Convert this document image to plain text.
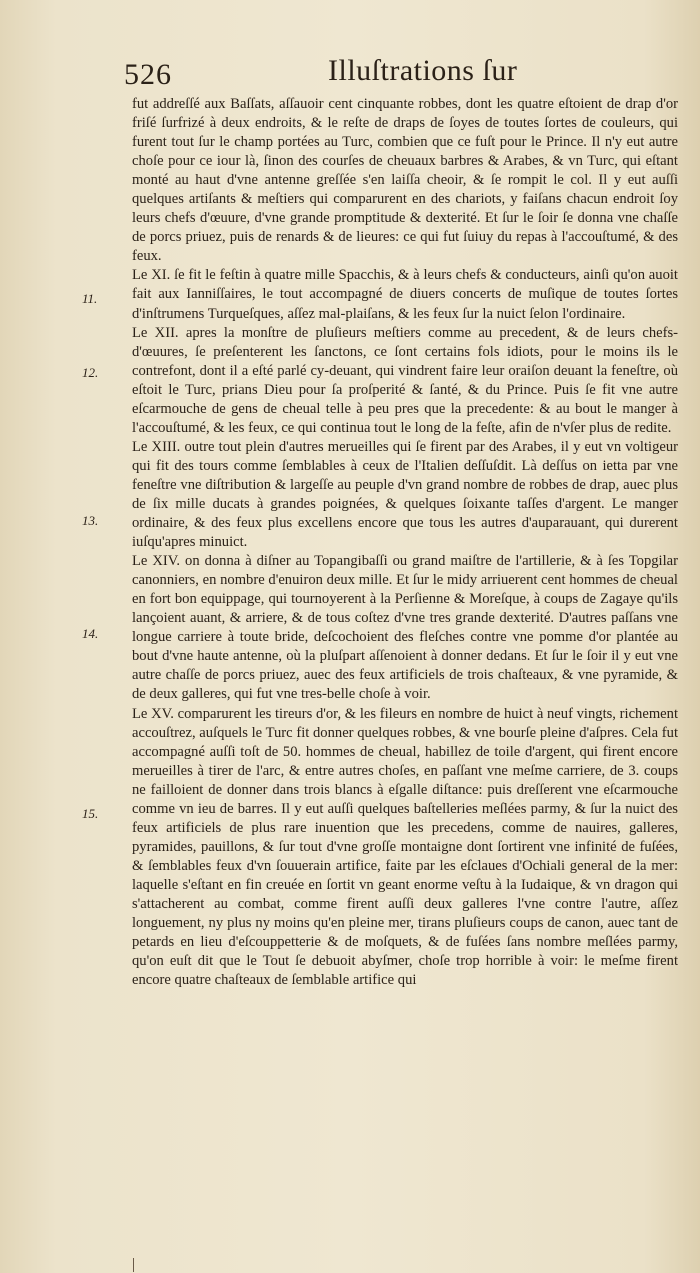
526	Illuſtrations ſur
11.
12.
13.
14.
15.

fut addreſſé aux Baſſats, aſſauoir cent cinquante robbes, dont les quatre eſtoient de drap d'or friſé ſurfrizé à deux endroits, & le reſte de draps de ſoyes de toutes ſortes de couleurs, qui furent tout ſur le champ portées au Turc, combien que ce fuſt pour le Prince. Il n'y eut autre choſe pour ce iour là, ſinon des courſes de cheuaux barbres & Arabes, & vn Turc, qui eſtant monté au haut d'vne antenne greſſée s'en laiſſa cheoir, & ſe rompit le col. Il y eut auſſi quelques artiſants & meſtiers qui comparurent en des chariots, y faiſans chacun endroit ſoy leurs chefs d'œuure, d'vne grande promptitude & dexterité. Et ſur le ſoir ſe donna vne chaſſe de porcs priuez, puis de renards & de lieures: ce qui fut ſuiuy du repas à l'accouſtumé, & des feux.

Le XI. ſe fit le feſtin à quatre mille Spacchis, & à leurs chefs & conducteurs, ainſi qu'on auoit fait aux Ianniſſaires, le tout accompagné de diuers concerts de muſique de toutes ſortes d'inſtrumens Turqueſques, aſſez mal-plaiſans, & les feux ſur la nuict ſelon l'ordinaire.

Le XII. apres la monſtre de pluſieurs meſtiers comme au precedent, & de leurs chefs-d'œuures, ſe preſenterent les ſanctons, ce ſont certains fols idiots, pour le moins ils le contrefont, dont il a eſté parlé cy-deuant, qui vindrent faire leur oraiſon deuant la feneſtre, où eſtoit le Turc, prians Dieu pour ſa proſperité & ſanté, & du Prince. Puis ſe fit vne autre eſcarmouche de gens de cheual telle à peu pres que la precedente: & au bout le manger à l'accouſtumé, & les feux, ce qui continua tout le long de la feſte, afin de n'vſer plus de redite.

Le XIII. outre tout plein d'autres merueilles qui ſe firent par des Arabes, il y eut vn voltigeur qui fit des tours comme ſemblables à ceux de l'Italien deſſuſdit. Là deſſus on ietta par vne feneſtre vne diſtribution & largeſſe au peuple d'vn grand nombre de robbes de drap, auec plus de ſix mille ducats à grandes poignées, & quelques ſoixante taſſes d'argent. Le manger ordinaire, & des feux plus excellens encore que tous les autres d'auparauant, qui durerent iuſqu'apres minuict.

Le XIV. on donna à diſner au Topangibaſſi ou grand maiſtre de l'artillerie, & à ſes Topgilar canonniers, en nombre d'enuiron deux mille. Et ſur le midy arriuerent cent hommes de cheual en fort bon equippage, qui tournoyerent à la Perſienne & Moreſque, à coups de Zagaye qu'ils lançoient auant, & arriere, & de tous coſtez d'vne tres grande dexterité. D'autres paſſans vne longue carriere à toute bride, deſcochoient des fleſches contre vne pomme d'or plantée au bout d'vne haute antenne, où la pluſpart aſſenoient à donner dedans. Et ſur le ſoir il y eut vne autre chaſſe de porcs priuez, auec des feux artificiels de trois chaſteaux, & vne pyramide, & de deux galleres, qui fut vne tres-belle choſe à voir.

Le XV. comparurent les tireurs d'or, & les fileurs en nombre de huict à neuf vingts, richement accouſtrez, auſquels le Turc fit donner quelques robbes, & vne bourſe pleine d'aſpres. Cela fut accompagné auſſi toſt de 50. hommes de cheual, habillez de toile d'argent, qui firent encore merueilles à tirer de l'arc, & entre autres choſes, en paſſant vne meſme carriere, de 3. coups ne failloient de donner dans trois blancs à eſgalle diſtance: puis dreſſerent vne eſcarmouche comme vn ieu de barres. Il y eut auſſi quelques baſtelleries meſlées parmy, & ſur la nuict des feux artificiels de plus rare inuention que les precedens, comme de nauires, galleres, pyramides, pauillons, & ſur tout d'vne groſſe montaigne dont ſortirent vne infinité de fuſées, & ſemblables feux d'vn ſouuerain artifice, faite par les eſclaues d'Ochiali general de la mer: laquelle s'eſtant en fin creuée en ſortit vn geant enorme veſtu à la Iudaique, & vn dragon qui s'attacherent au combat, comme firent auſſi deux galleres l'vne contre l'autre, aſſez longuement, ny plus ny moins qu'en pleine mer, tirans pluſieurs coups de canon, auec tant de petards en lieu d'eſcouppetterie & de moſquets, & de fuſées ſans nombre meſlées parmy, qu'on euſt dit que le Tout ſe debuoit abyſmer, choſe trop horrible à voir: le meſme firent encore quatre chaſteaux de ſemblable artifice qui
